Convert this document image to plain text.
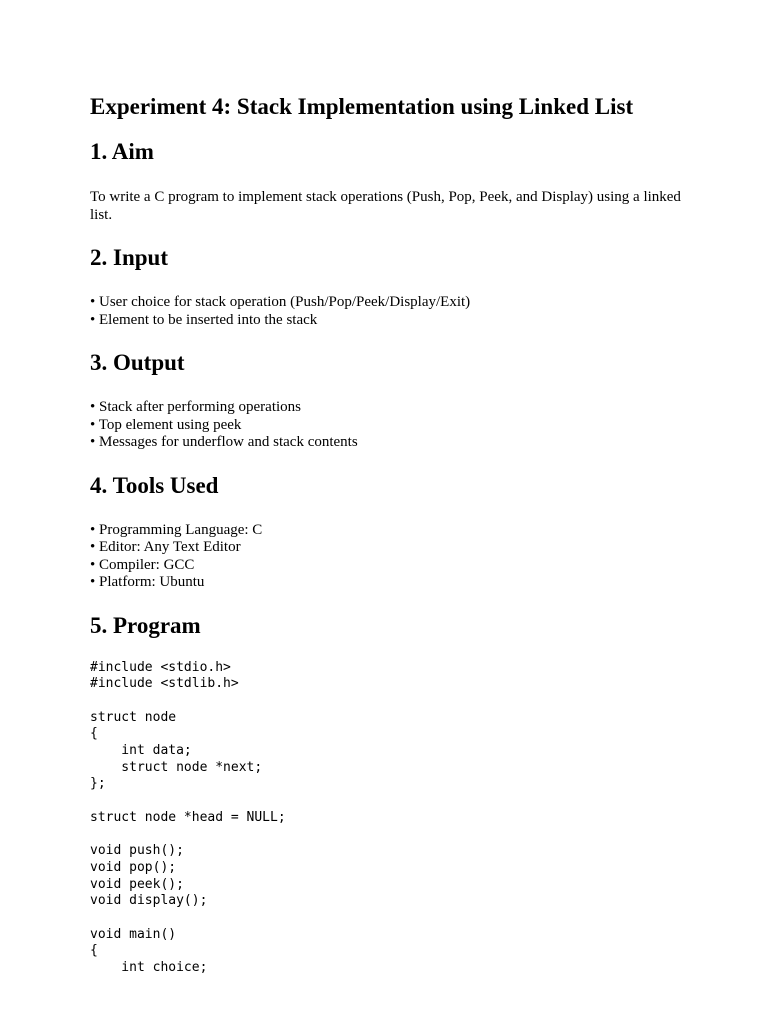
Experiment 4: Stack Implementation using Linked List
1. Aim

To write a C program to implement stack operations (Push, Pop, Peek, and Display) using a linked list.

2. Input
• User choice for stack operation (Push/Pop/Peek/Display/Exit)
• Element to be inserted into the stack
3. Output
• Stack after performing operations
• Top element using peek
• Messages for underflow and stack contents
4. Tools Used
• Programming Language: C
• Editor: Any Text Editor
• Compiler: GCC
• Platform: Ubuntu
5. Program
#include <stdio.h>
#include <stdlib.h>

struct node
{
int data;
struct node *next;
};

struct node *head = NULL;

void push();
void pop();
void peek();
void display();

void main()
{
int choice;
